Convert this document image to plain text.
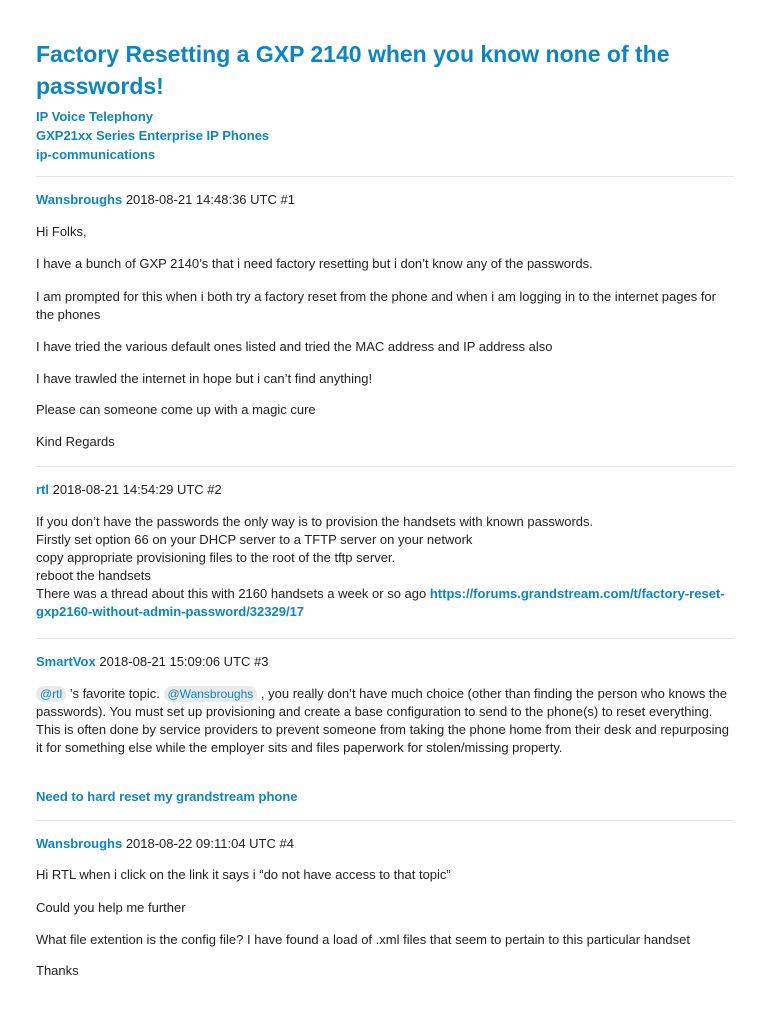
Factory Resetting a GXP 2140 when you know none of the passwords!
IP Voice Telephony
GXP21xx Series Enterprise IP Phones
ip-communications
Wansbroughs 2018-08-21 14:48:36 UTC #1

Hi Folks,

I have a bunch of GXP 2140’s that i need factory resetting but i don’t know any of the passwords.

I am prompted for this when i both try a factory reset from the phone and when i am logging in to the internet pages for the phones

I have tried the various default ones listed and tried the MAC address and IP address also

I have trawled the internet in hope but i can’t find anything!

Please can someone come up with a magic cure

Kind Regards

rtl 2018-08-21 14:54:29 UTC #2
If you don’t have the passwords the only way is to provision the handsets with known passwords.
Firstly set option 66 on your DHCP server to a TFTP server on your network
copy appropriate provisioning files to the root of the tftp server.
reboot the handsets
There was a thread about this with 2160 handsets a week or so ago https://forums.grandstream.com/t/factory-reset-gxp2160-without-admin-password/32329/17
SmartVox 2018-08-21 15:09:06 UTC #3

@rtl ’s favorite topic. @Wansbroughs , you really don’t have much choice (other than finding the person who knows the passwords). You must set up provisioning and create a base configuration to send to the phone(s) to reset everything. This is often done by service providers to prevent someone from taking the phone home from their desk and repurposing it for something else while the employer sits and files paperwork for stolen/missing property.

Need to hard reset my grandstream phone
Wansbroughs 2018-08-22 09:11:04 UTC #4

Hi RTL when i click on the link it says i “do not have access to that topic”

Could you help me further

What file extention is the config file? I have found a load of .xml files that seem to pertain to this particular handset

Thanks
